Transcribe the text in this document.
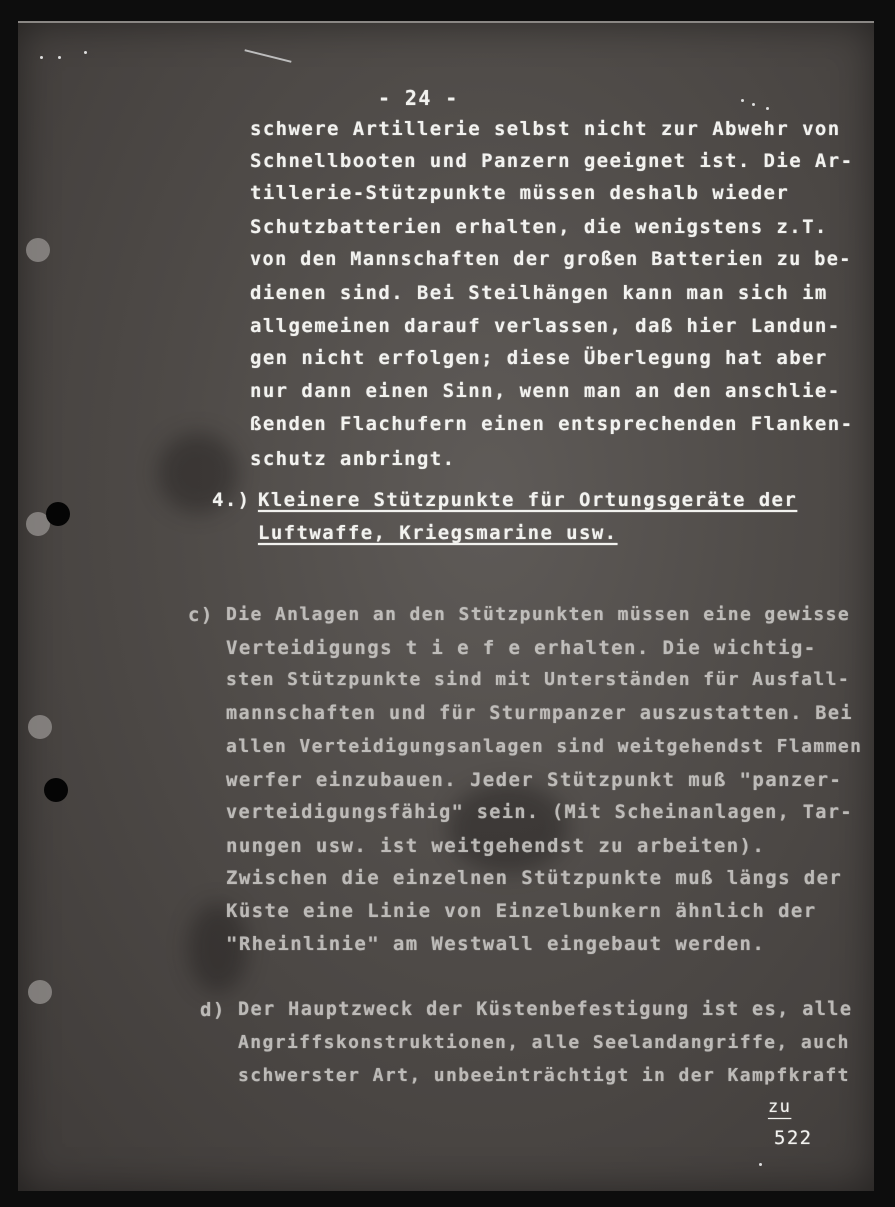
- 24 -
schwere Artillerie selbst nicht zur Abwehr von
Schnellbooten und Panzern geeignet ist. Die Ar-
tillerie-Stützpunkte müssen deshalb wieder
Schutzbatterien erhalten, die wenigstens z.T.
von den Mannschaften der großen Batterien zu be-
dienen sind. Bei Steilhängen kann man sich im
allgemeinen darauf verlassen, daß hier Landun-
gen nicht erfolgen; diese Überlegung hat aber
nur dann einen Sinn, wenn man an den anschlie-
ßenden Flachufern einen entsprechenden Flanken-
schutz anbringt.
4.) Kleinere Stützpunkte für Ortungsgeräte der
Luftwaffe, Kriegsmarine usw.
c) Die Anlagen an den Stützpunkten müssen eine gewisse
Verteidigungs t i e f e erhalten. Die wichtig-
sten Stützpunkte sind mit Unterständen für Ausfall-
mannschaften und für Sturmpanzer auszustatten. Bei
allen Verteidigungsanlagen sind weitgehendst Flammen
werfer einzubauen. Jeder Stützpunkt muß "panzer-
verteidigungsfähig" sein. (Mit Scheinanlagen, Tar-
nungen usw. ist weitgehendst zu arbeiten).
Zwischen die einzelnen Stützpunkte muß längs der
Küste eine Linie von Einzelbunkern ähnlich der
"Rheinlinie" am Westwall eingebaut werden.
d) Der Hauptzweck der Küstenbefestigung ist es, alle
Angriffskonstruktionen, alle Seelandangriffe, auch
schwerster Art, unbeeinträchtigt in der Kampfkraft
zu
522
